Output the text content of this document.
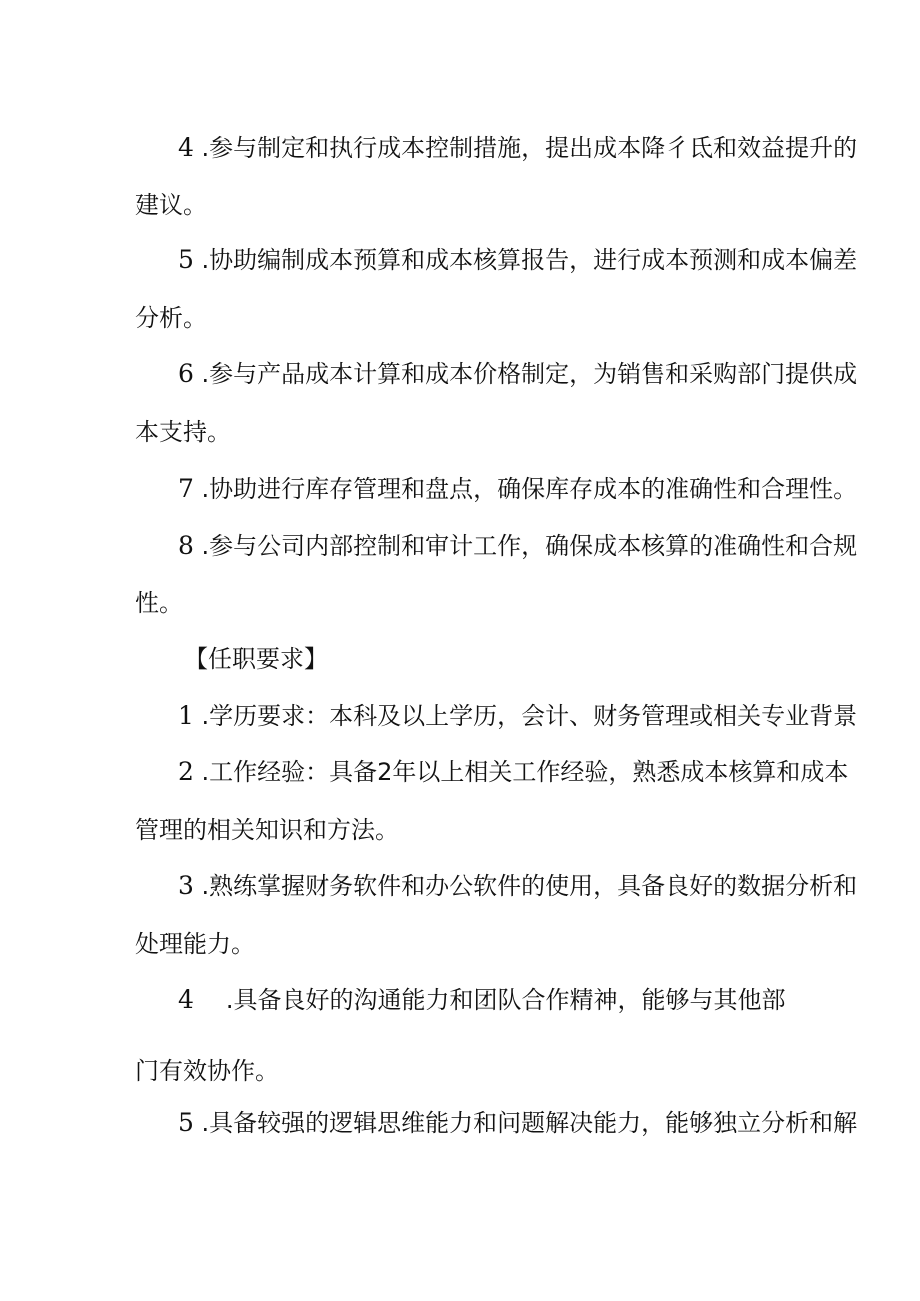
4 .参与制定和执行成本控制措施，提出成本降彳氐和效益提升的
建议。
5 .协助编制成本预算和成本核算报告，进行成本预测和成本偏差
分析。
6 .参与产品成本计算和成本价格制定，为销售和采购部门提供成
本支持。
7 .协助进行库存管理和盘点，确保库存成本的准确性和合理性。
8 .参与公司内部控制和审计工作，确保成本核算的准确性和合规
性。
【任职要求】
1 .学历要求：本科及以上学历，会计、财务管理或相关专业背景
2 .工作经验：具备2年以上相关工作经验，熟悉成本核算和成本
管理的相关知识和方法。
3 .熟练掌握财务软件和办公软件的使用，具备良好的数据分析和
处理能力。
4 .具备良好的沟通能力和团队合作精神，能够与其他部
门有效协作。
5 .具备较强的逻辑思维能力和问题解决能力，能够独立分析和解
